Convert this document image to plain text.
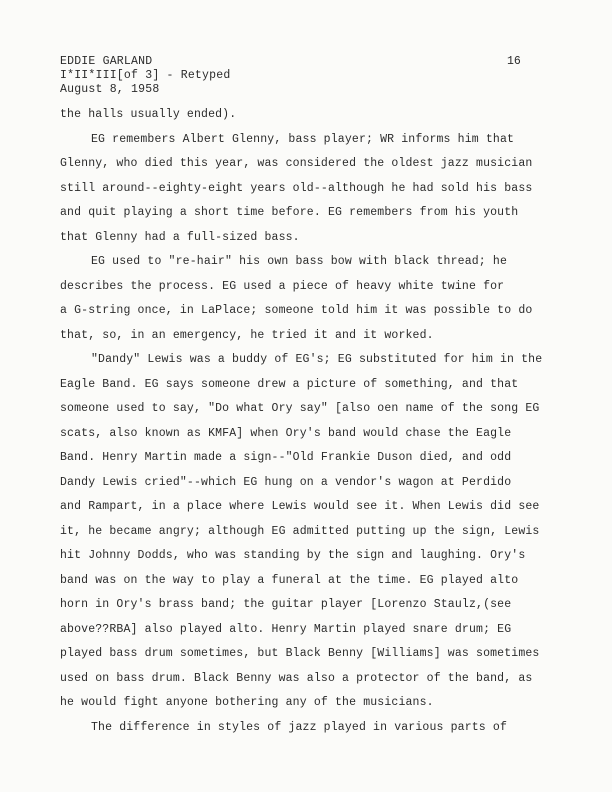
EDDIE GARLAND
I*II*III[of 3] - Retyped
August 8, 1958
16
the halls usually ended).
EG remembers Albert Glenny, bass player; WR informs him that
Glenny, who died this year, was considered the oldest jazz musician
still around--eighty-eight years old--although he had sold his bass
and quit playing a short time before. EG remembers from his youth
that Glenny had a full-sized bass.
EG used to "re-hair" his own bass bow with black thread; he
describes the process. EG used a piece of heavy white twine for
a G-string once, in LaPlace; someone told him it was possible to do
that, so, in an emergency, he tried it and it worked.
"Dandy" Lewis was a buddy of EG's; EG substituted for him in the
Eagle Band. EG says someone drew a picture of something, and that
someone used to say, "Do what Ory say" [also oen name of the song EG
scats, also known as KMFA] when Ory's band would chase the Eagle
Band. Henry Martin made a sign--"Old Frankie Duson died, and odd
Dandy Lewis cried"--which EG hung on a vendor's wagon at Perdido
and Rampart, in a place where Lewis would see it. When Lewis did see
it, he became angry; although EG admitted putting up the sign, Lewis
hit Johnny Dodds, who was standing by the sign and laughing. Ory's
band was on the way to play a funeral at the time. EG played alto
horn in Ory's brass band; the guitar player [Lorenzo Staulz,(see
above??RBA] also played alto. Henry Martin played snare drum; EG
played bass drum sometimes, but Black Benny [Williams] was sometimes
used on bass drum. Black Benny was also a protector of the band, as
he would fight anyone bothering any of the musicians.
The difference in styles of jazz played in various parts of
